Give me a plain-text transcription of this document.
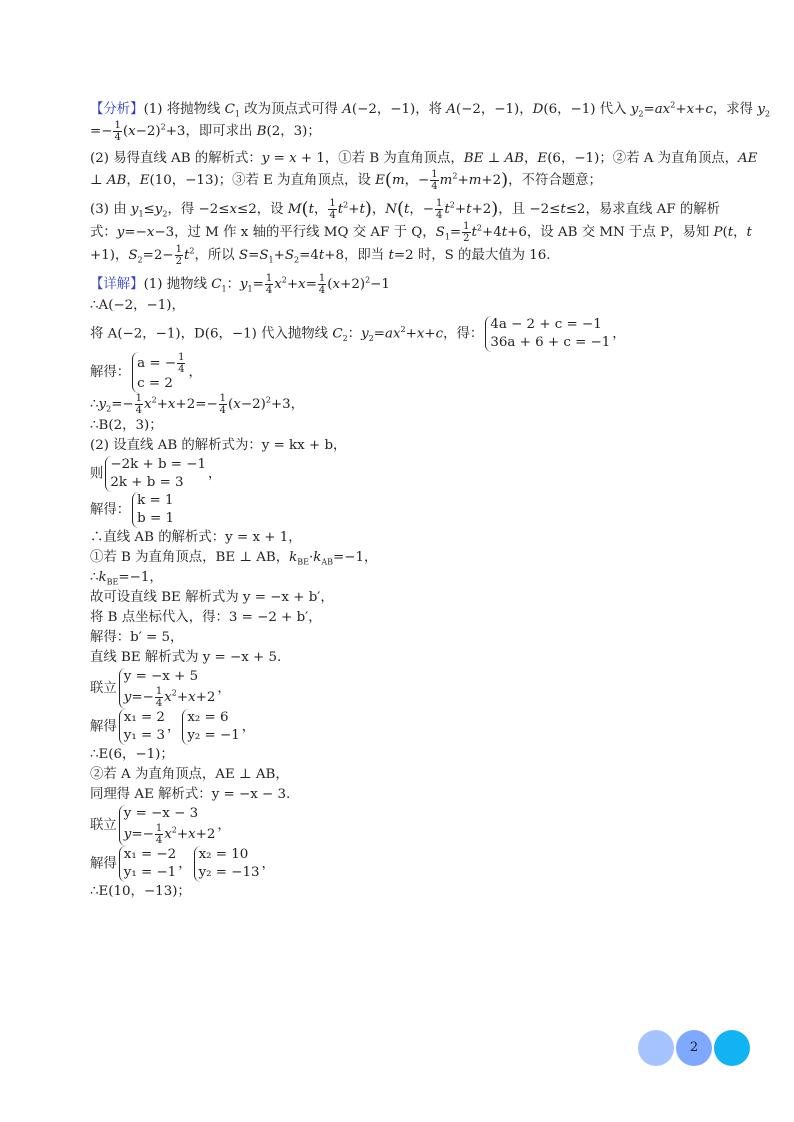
【分析】(1) 将抛物线 $C_1$ 改为顶点式可得 A(−2，−1)，将 A(−2，−1)，D(6，−1) 代入 $y_2=ax^2+x+c$，求得 $y_2$
=− $\frac{1}{4} (x-2)^2+3$，即可求出 B(2，3)；
(2) 易得直线 AB 的解析式：y = x + 1，①若 B 为直角顶点，BE ⊥ AB，E(6，−1)；②若 A 为直角顶点，AE
⊥ AB，E(10，−13)；③若 E 为直角顶点，设 E(m，− $\frac{1}{4} m^2+m+2$)，不符合题意；
(3) 由 $y_1\le y_2$，得 −2≤x≤2，设 M(t， $\frac{1}{4} t^2+t$)，N(t，− $\frac{1}{4} t^2+t+2$)，且 −2≤t≤2，易求直线 AF 的解析
式：y=−x−3，过 M 作 x 轴的平行线 MQ 交 AF 于 Q，$S_1= \frac{1}{2} t^2+4t+6$，设 AB 交 MN 于点 P，易知 P(t，t
+1)，$S_2=2- \frac{1}{2} t^2$，所以 $S=S_1+S_2=4t+8$，即当 t=2 时，S 的最大值为 16.
【详解】(1) 抛物线 $C_1$：$y_1= \frac{1}{4} x^2+x= \frac{1}{4} (x+2)^2-1$
∴A(−2，−1)，
将 A(−2，−1)，D(6，−1) 代入抛物线 $C_2$：$y_2=ax^2+x+c$，得：
4a − 2 + c = −1
36a + 6 + c = −1
，
解得：
a = − $\frac{1}{4}$
c = 2
，
$\therefore y_2=- \frac{1}{4} x^2+x+2=- \frac{1}{4} (x-2)^2+3$，
∴B(2，3)；
(2) 设直线 AB 的解析式为：y = kx + b，
则
−2k + b = −1
2k + b = 3
，
解得：
k = 1
b = 1
∴直线 AB 的解析式：y = x + 1，
①若 B 为直角顶点，BE ⊥ AB，$k_{BE}\cdot k_{AB}=-1$，
$\therefore k_{BE}=-1$，
故可设直线 BE 解析式为 y = −x + b′，
将 B 点坐标代入，得：3 = −2 + b′，
解得：b′ = 5，
直线 BE 解析式为 y = −x + 5.
联立
y = −x + 5
$y=- \frac{1}{4} x^2+x+2$
，
解得
x₁ = 2
y₁ = 3
，
x₂ = 6
y₂ = −1
，
∴E(6，−1)；
②若 A 为直角顶点，AE ⊥ AB，
同理得 AE 解析式：y = −x − 3.
联立
y = −x − 3
$y=- \frac{1}{4} x^2+x+2$
，
解得
x₁ = −2
y₁ = −1
，
x₂ = 10
y₂ = −13
，
∴E(10，−13)；
2
